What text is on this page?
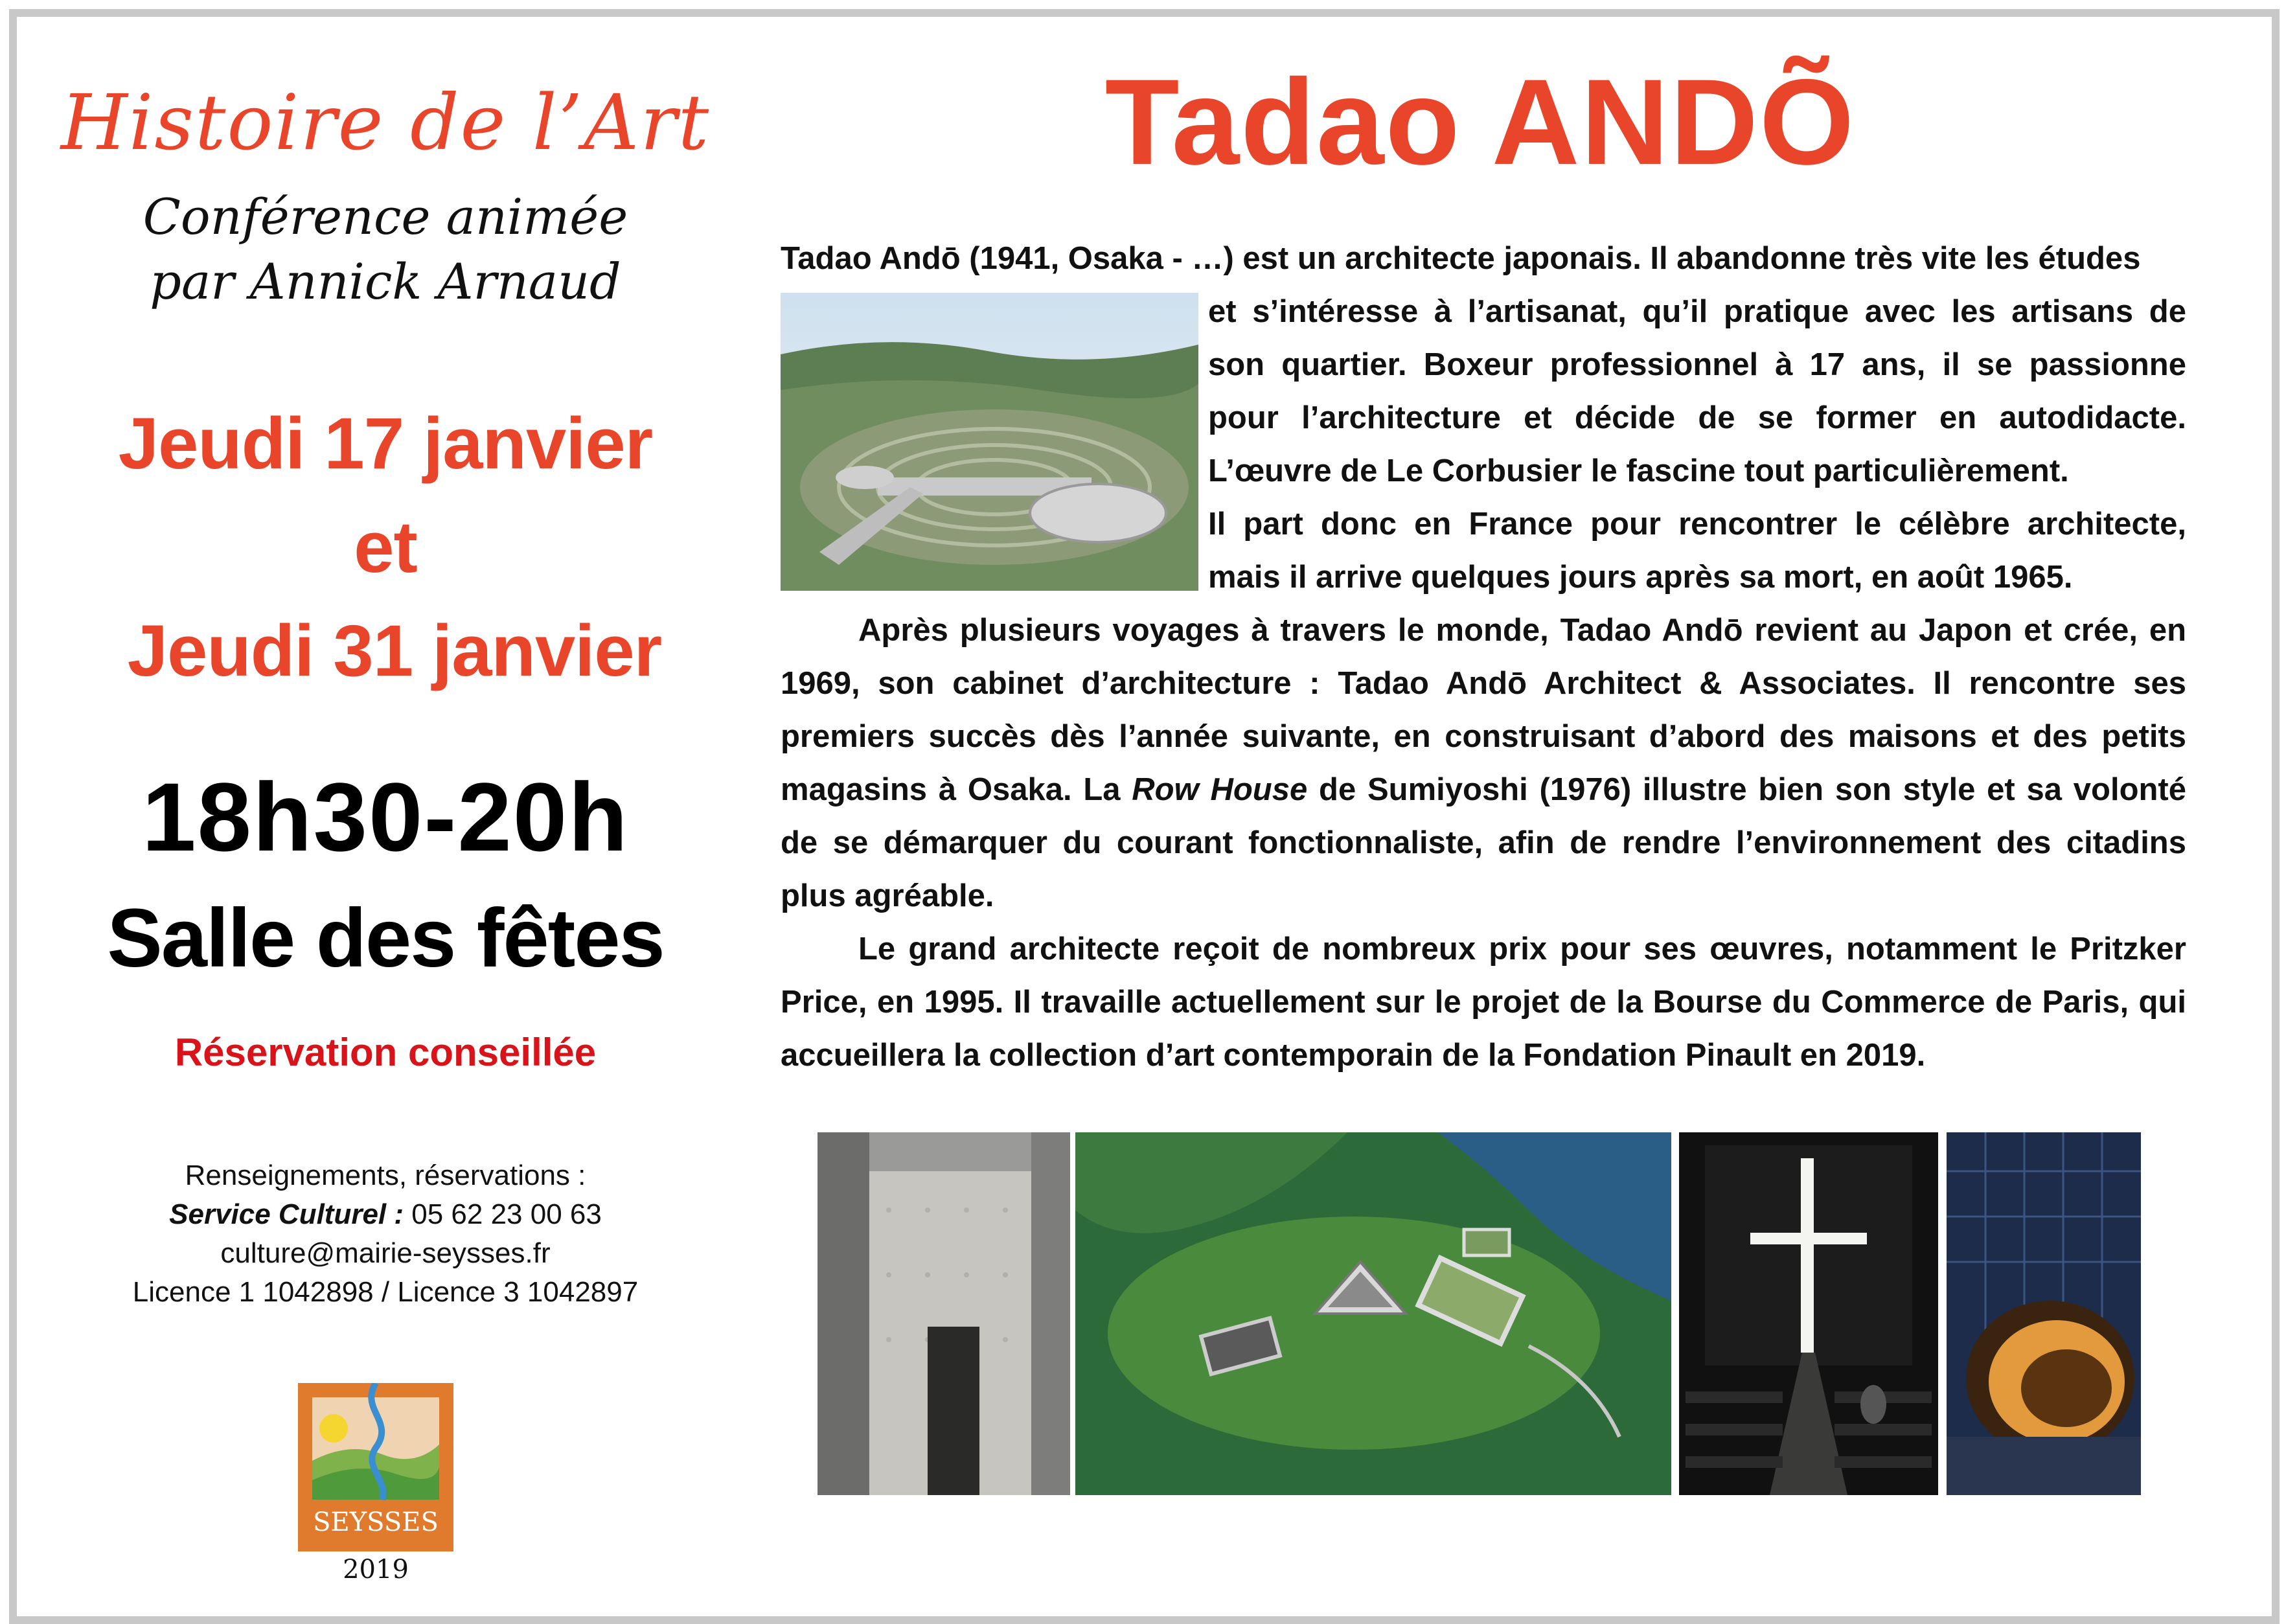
Histoire de l’Art
Conférence animée
par Annick Arnaud
Jeudi 17 janvier
et
Jeudi 31 janvier
18h30-20h
Salle des fêtes
Réservation conseillée
Renseignements, réservations :
Service Culturel : 05 62 23 00 63
culture@mairie-seysses.fr
Licence 1 1042898 / Licence 3 1042897
SEYSSES
2019
Tadao ANDÕ
Tadao Andō (1941, Osaka - …) est un architecte japonais. Il abandonne très vite les études
et s’intéresse à l’artisanat, qu’il pratique avec les artisans de son quartier. Boxeur professionnel à 17 ans, il se passionne pour l’architecture et décide de se former en autodidacte. L’œuvre de Le Corbusier le fascine tout particulièrement.
Il part donc en France pour rencontrer le célèbre architecte, mais il arrive quelques jours après sa mort, en août 1965.
Après plusieurs voyages à travers le monde, Tadao Andō revient au Japon et crée, en 1969, son cabinet d’architecture : Tadao Andō Architect & Associates. Il rencontre ses premiers succès dès l’année suivante, en construisant d’abord des maisons et des petits magasins à Osaka. La Row House de Sumiyoshi (1976) illustre bien son style et sa volonté de se démarquer du courant fonctionnaliste, afin de rendre l’environnement des citadins plus agréable.
Le grand architecte reçoit de nombreux prix pour ses œuvres, notamment le Pritzker Price, en 1995. Il travaille actuellement sur le projet de la Bourse du Commerce de Paris, qui accueillera la collection d’art contemporain de la Fondation Pinault en 2019.
